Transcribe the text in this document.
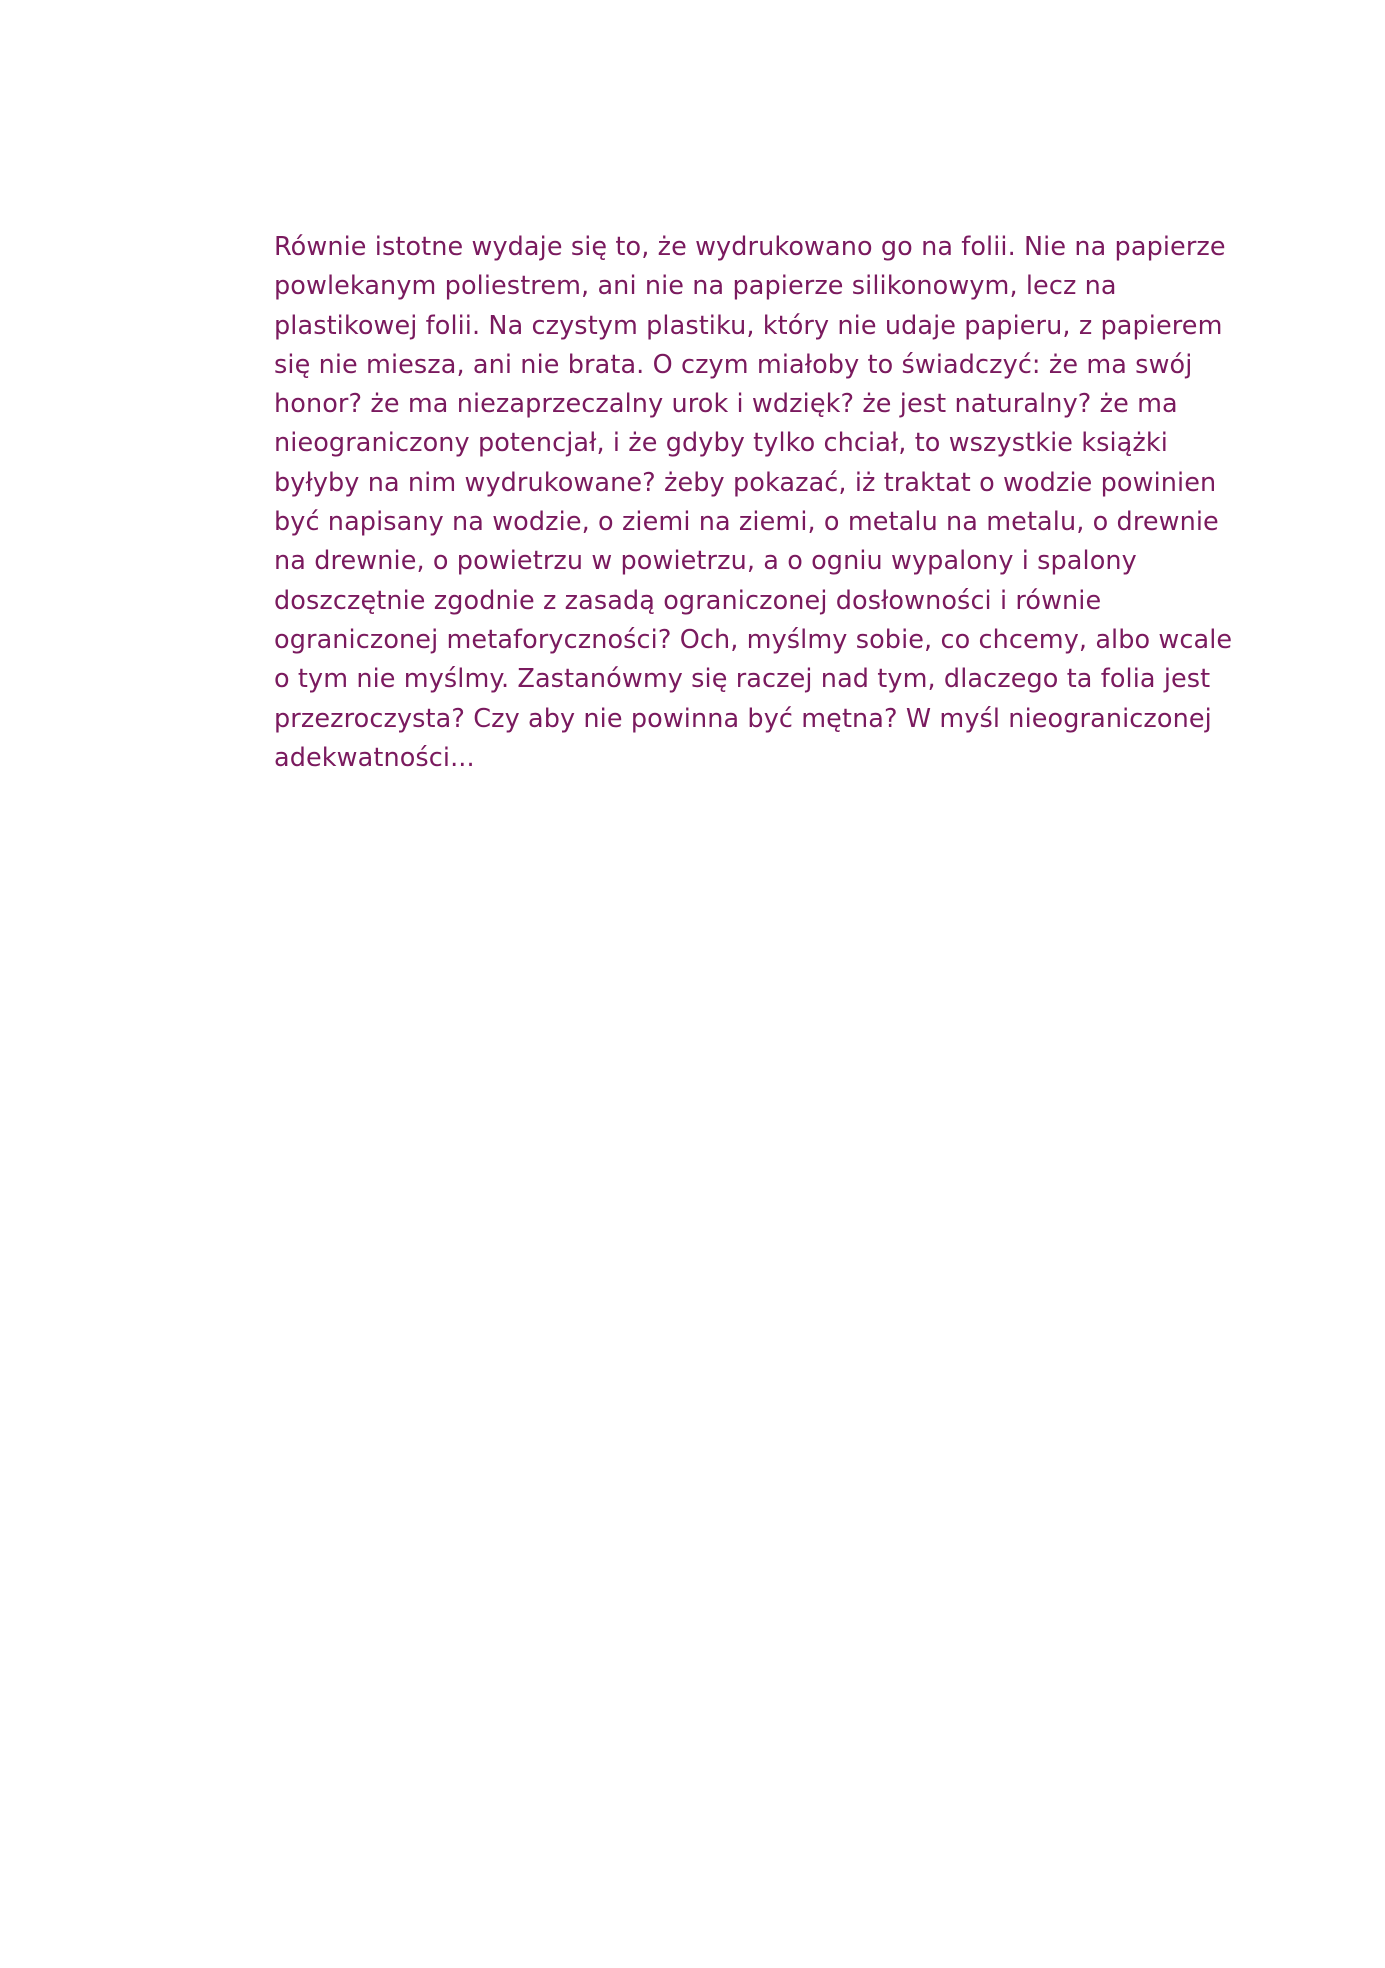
Równie istotne wydaje się to, że wydrukowano go na folii. Nie na papierze
powlekanym poliestrem, ani nie na papierze silikonowym, lecz na
plastikowej folii. Na czystym plastiku, który nie udaje papieru, z papierem
się nie miesza, ani nie brata. O czym miałoby to świadczyć: że ma swój
honor? że ma niezaprzeczalny urok i wdzięk? że jest naturalny? że ma
nieograniczony potencjał, i że gdyby tylko chciał, to wszystkie książki
byłyby na nim wydrukowane? żeby pokazać, iż traktat o wodzie powinien
być napisany na wodzie, o ziemi na ziemi, o metalu na metalu, o drewnie
na drewnie, o powietrzu w powietrzu, a o ogniu wypalony i spalony
doszczętnie zgodnie z zasadą ograniczonej dosłowności i równie
ograniczonej metaforyczności? Och, myślmy sobie, co chcemy, albo wcale
o tym nie myślmy. Zastanówmy się raczej nad tym, dlaczego ta folia jest
przezroczysta? Czy aby nie powinna być mętna? W myśl nieograniczonej
adekwatności...
